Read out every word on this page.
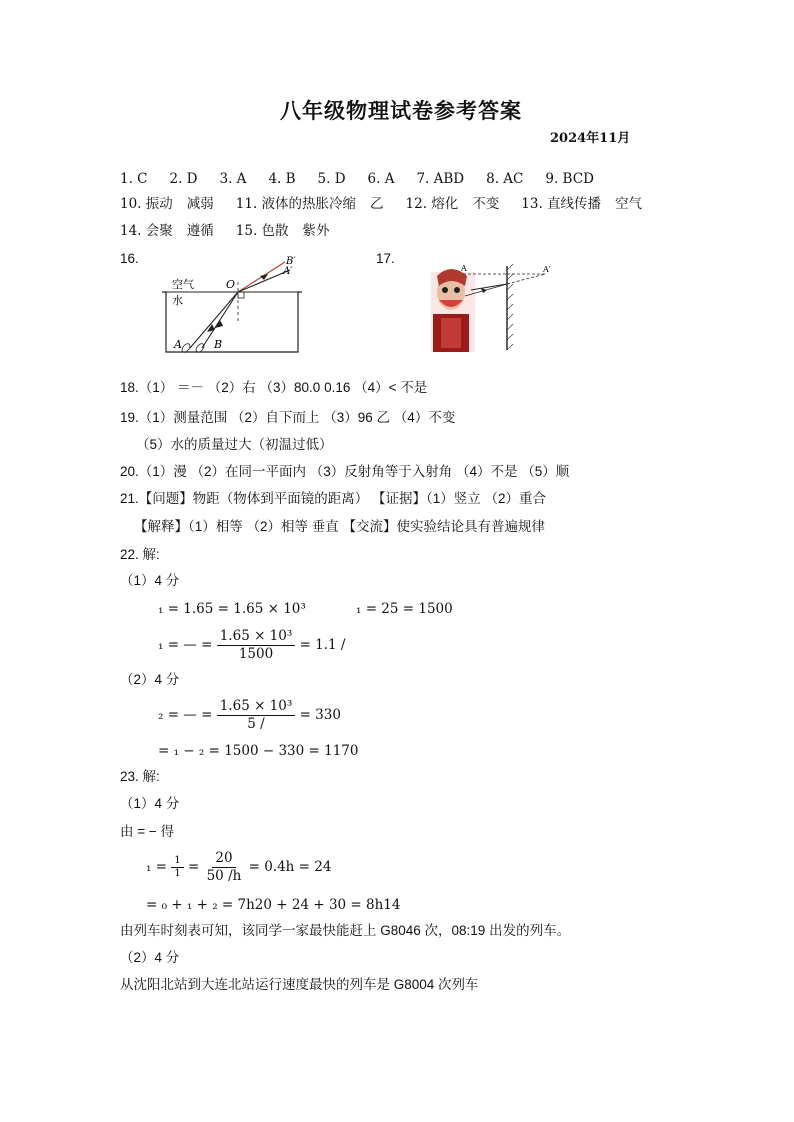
八年级物理试卷参考答案
2024年11月
1. C 2. D 3. A 4. B 5. D 6. A 7. ABD 8. AC 9. BCD
10. 振动 减弱 11. 液体的热胀冷缩 乙 12. 熔化 不变 13. 直线传播 空气
14. 会聚 遵循 15. 色散 紫外
16.
空气
水
O
A	B
B′
A′
17.
A	A′
18.（1） ＝－ （2）右 （3）80.0 0.16 （4）< 不是
19.（1）测量范围 （2）自下而上 （3）96 乙 （4）不变
（5）水的质量过大（初温过低）
20.（1）漫 （2）在同一平面内 （3）反射角等于入射角 （4）不是 （5）顺
21.【问题】物距（物体到平面镜的距离） 【证据】（1）竖立 （2）重合
【解释】（1）相等 （2）相等 垂直 【交流】使实验结论具有普遍规律
22. 解:
（1）4 分
₁ = 1.65 = 1.65 × 10³	₁ = 25 = 1500
₁ = — = $\frac{\text{1.65 × 10³}}{1500} = 1.1$ /
（2）4 分
₂ = — = $\frac{\text{1.65 × 10³}}{5 /} = 330$
= ₁ − ₂ = 1500 − 330 = 1170
23. 解:
（1）4 分
由 = − 得
$_1 = \frac{1}{1} = \frac{20}{50 /h} = 0.4h = 24$
= ₀ + ₁ + ₂ = 7h20 + 24 + 30 = 8h14
由列车时刻表可知，该同学一家最快能赶上 G8046 次，08:19 出发的列车。
（2）4 分
从沈阳北站到大连北站运行速度最快的列车是 G8004 次列车
